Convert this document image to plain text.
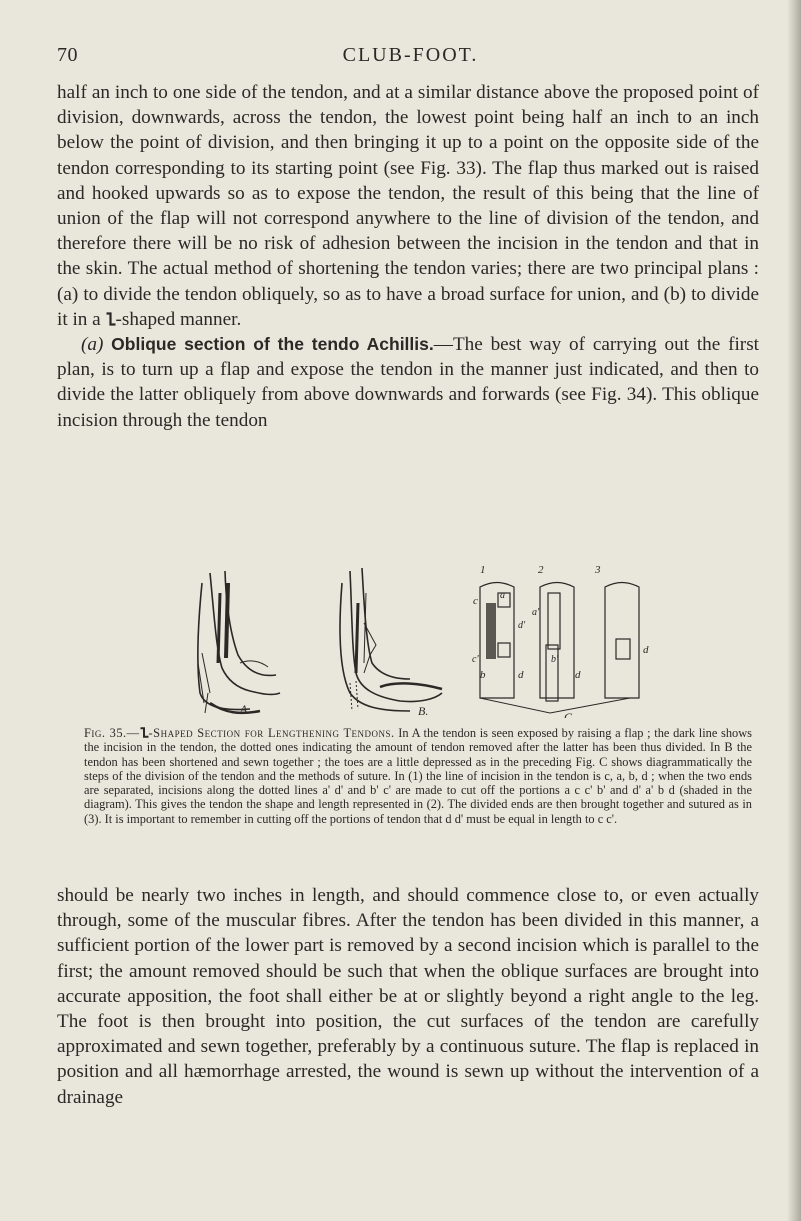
70	CLUB-FOOT.

half an inch to one side of the tendon, and at a similar distance above the proposed point of division, downwards, across the tendon, the lowest point being half an inch to an inch below the point of division, and then bringing it up to a point on the opposite side of the tendon corresponding to its starting point (see Fig. 33). The flap thus marked out is raised and hooked upwards so as to expose the tendon, the result of this being that the line of union of the flap will not correspond anywhere to the line of division of the tendon, and therefore there will be no risk of adhesion between the incision in the tendon and that in the skin. The actual method of shortening the tendon varies; there are two principal plans : (a) to divide the tendon obliquely, so as to have a broad surface for union, and (b) to divide it in a -shaped manner.

(a) Oblique section of the tendo Achillis.—The best way of carrying out the first plan, is to turn up a flap and expose the tendon in the manner just indicated, and then to divide the latter obliquely from above downwards and forwards (see Fig. 34). This oblique incision through the tendon

A.	B.
1	2	3
c a
c'
b	d
d'
a'
b'
d
d
C
Fig. 35.— -Shaped Section for Lengthening Tendons. In A the tendon is seen exposed by raising a flap ; the dark line shows the incision in the tendon, the dotted ones indicating the amount of tendon removed after the latter has been thus divided. In B the tendon has been shortened and sewn together ; the toes are a little depressed as in the preceding Fig. C shows diagrammatically the steps of the division of the tendon and the methods of suture. In (1) the line of incision in the tendon is c, a, b, d ; when the two ends are separated, incisions along the dotted lines a' d' and b' c' are made to cut off the portions a c c' b' and d' a' b d (shaded in the diagram). This gives the tendon the shape and length represented in (2). The divided ends are then brought together and sutured as in (3). It is important to remember in cutting off the portions of tendon that d d' must be equal in length to c c'.

should be nearly two inches in length, and should commence close to, or even actually through, some of the muscular fibres. After the tendon has been divided in this manner, a sufficient portion of the lower part is removed by a second incision which is parallel to the first; the amount removed should be such that when the oblique surfaces are brought into accurate apposition, the foot shall either be at or slightly beyond a right angle to the leg. The foot is then brought into position, the cut surfaces of the tendon are carefully approximated and sewn together, preferably by a continuous suture. The flap is replaced in position and all hæmorrhage arrested, the wound is sewn up without the intervention of a drainage
